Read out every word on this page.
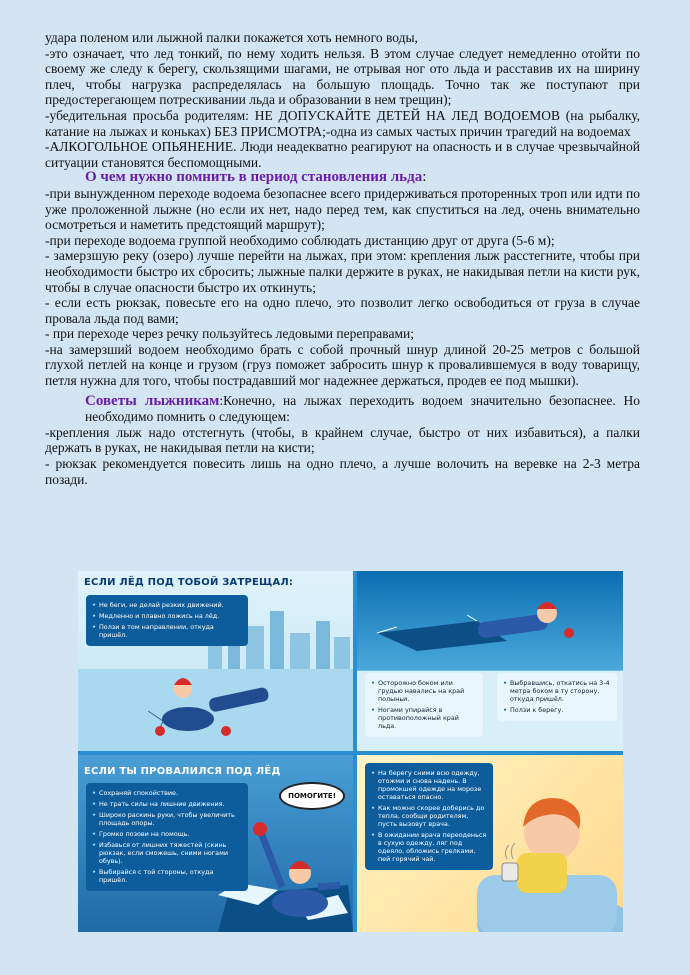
удара поленом или лыжной палки покажется хоть немного воды,

-это означает, что лед тонкий, по нему ходить нельзя. В этом случае следует немедленно отойти по своему же следу к берегу, скользящими шагами, не отрывая ног ото льда и расставив их на ширину плеч, чтобы нагрузка распределялась на большую площадь. Точно так же поступают при предостерегающем потрескивании льда и образовании в нем трещин);

-убедительная просьба родителям: НЕ ДОПУСКАЙТЕ ДЕТЕЙ НА ЛЕД ВОДОЕМОВ (на рыбалку, катание на лыжах и коньках) БЕЗ ПРИСМОТРА;-одна из самых частых причин трагедий на водоемах

-АЛКОГОЛЬНОЕ ОПЬЯНЕНИЕ. Люди неадекватно реагируют на опасность и в случае чрезвычайной ситуации становятся беспомощными.

О чем нужно помнить в период становления льда:

-при вынужденном переходе водоема безопаснее всего придерживаться проторенных троп или идти по уже проложенной лыжне (но если их нет, надо перед тем, как спуститься на лед, очень внимательно осмотреться и наметить предстоящий маршрут);

-при переходе водоема группой необходимо соблюдать дистанцию друг от друга (5-6 м);

- замерзшую реку (озеро) лучше перейти на лыжах, при этом: крепления лыж расстегните, чтобы при необходимости быстро их сбросить; лыжные палки держите в руках, не накидывая петли на кисти рук, чтобы в случае опасности быстро их откинуть;

- если есть рюкзак, повесьте его на одно плечо, это позволит легко освободиться от груза в случае провала льда под вами;

- при переходе через речку пользуйтесь ледовыми переправами;

-на замерзший водоем необходимо брать с собой прочный шнур длиной 20-25 метров с большой глухой петлей на конце и грузом (груз поможет забросить шнур к провалившемуся в воду товарищу, петля нужна для того, чтобы пострадавший мог надежнее держаться, продев ее под мышки).

Советы лыжникам:Конечно, на лыжах переходить водоем значительно безопаснее. Но необходимо помнить о следующем:

-крепления лыж надо отстегнуть (чтобы, в крайнем случае, быстро от них избавиться), а палки держать в руках, не накидывая петли на кисти;

- рюкзак рекомендуется повесить лишь на одно плечо, а лучше волочить на веревке на 2-3 метра позади.

ЕСЛИ ЛЁД ПОД ТОБОЙ ЗАТРЕЩАЛ:
• Не беги, не делай резких движений.
• Медленно и плавно ложись на лёд.
• Ползи в том направлении, откуда пришёл.
• Осторожно боком или грудью навались на край полыньи.
• Ногами упирайся в противоположный край льда.
• Выбравшись, откатись на 3-4 метра боком в ту сторону, откуда пришёл.
• Ползи к берегу.
ЕСЛИ ТЫ ПРОВАЛИЛСЯ ПОД ЛЁД
• Сохраняй спокойствие.
• Не трать силы на лишние движения.
• Широко раскинь руки, чтобы увеличить площадь опоры.
• Громко позови на помощь.
• Избавься от лишних тяжестей (скинь рюкзак, если сможешь, сними ногами обувь).
• Выбирайся с той стороны, откуда пришёл.
ПОМОГИТЕ!
• На берегу сними всю одежду, отожми и снова надень. В промокшей одежде на морозе оставаться опасно.
• Как можно скорее доберись до тепла, сообщи родителям, пусть вызовут врача.
• В ожидании врача переоденься в сухую одежду, ляг под одеяло, обложись грелками, пей горячий чай.
